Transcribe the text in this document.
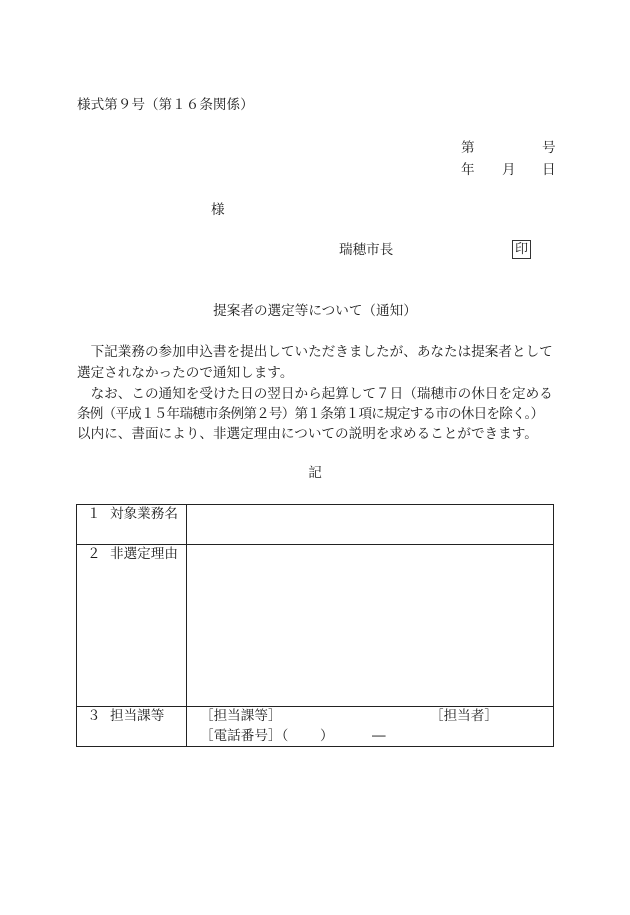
様式第９号（第１６条関係）
第	号
年 月 日
様
瑞穂市長	印
提案者の選定等について（通知）
下記業務の参加申込書を提出していただきましたが、あなたは提案者として
選定されなかったので通知します。
なお、この通知を受けた日の翌日から起算して７日（瑞穂市の休日を定める
条例（平成１５年瑞穂市条例第２号）第１条第１項に規定する市の休日を除く。）
以内に、書面により、非選定理由についての説明を求めることができます。
記
１ 対象業務名
２ 非選定理由
３ 担当課等	［担当課等］	［担当者］
［電話番号］（ ）	―
